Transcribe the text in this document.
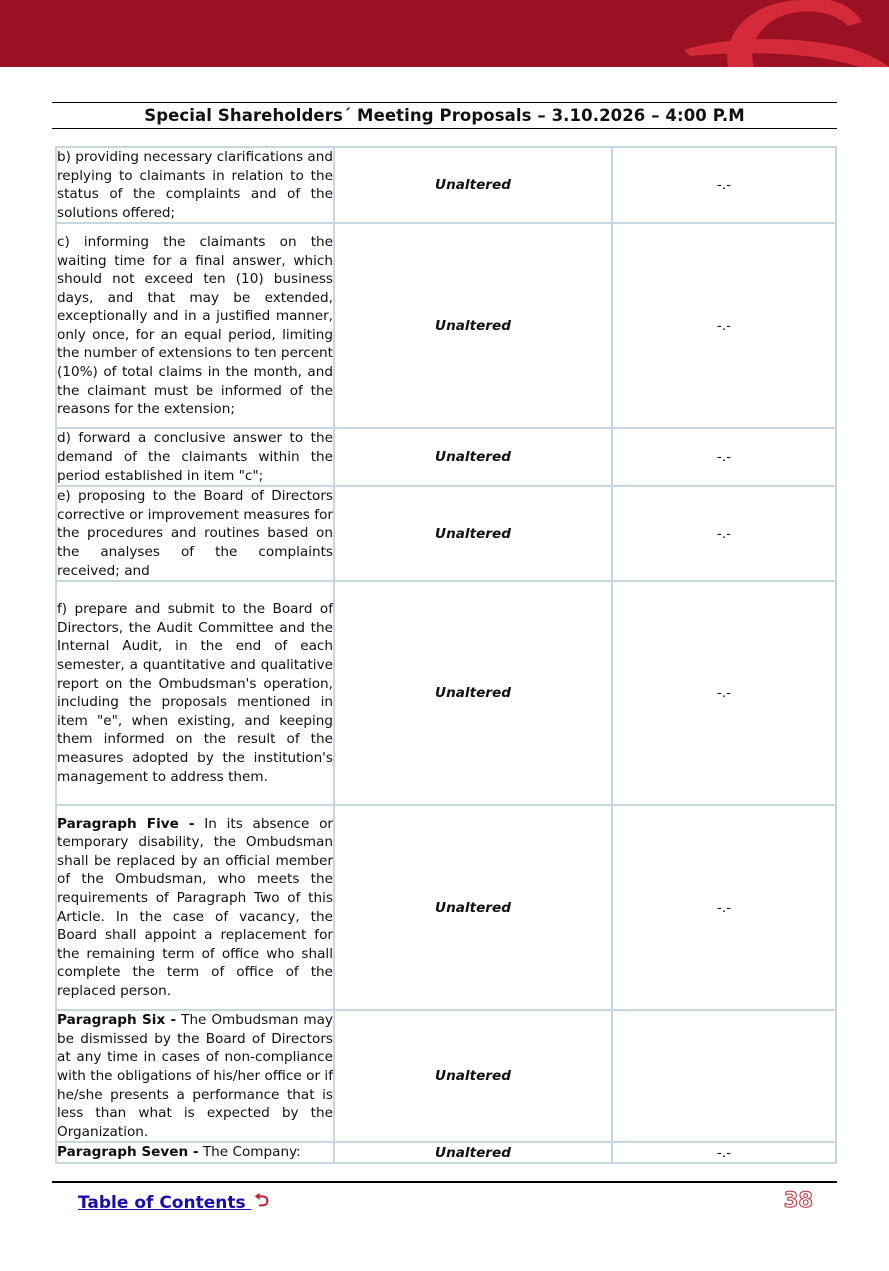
Special Shareholders´ Meeting Proposals – 3.10.2026 – 4:00 P.M
b) providing necessary clarifications and replying to claimants in relation to the status of the complaints and of the solutions offered;	Unaltered	-.-
c) informing the claimants on the waiting time for a final answer, which should not exceed ten (10) business days, and that may be extended, exceptionally and in a justified manner, only once, for an equal period, limiting the number of extensions to ten percent (10%) of total claims in the month, and the claimant must be informed of the reasons for the extension;	Unaltered	-.-
d) forward a conclusive answer to the demand of the claimants within the period established in item "c";	Unaltered	-.-
e) proposing to the Board of Directors corrective or improvement measures for the procedures and routines based on the analyses of the complaints received; and	Unaltered	-.-
f) prepare and submit to the Board of Directors, the Audit Committee and the Internal Audit, in the end of each semester, a quantitative and qualitative report on the Ombudsman's operation, including the proposals mentioned in item "e", when existing, and keeping them informed on the result of the measures adopted by the institution's management to address them.	Unaltered	-.-
Paragraph Five - In its absence or temporary disability, the Ombudsman shall be replaced by an official member of the Ombudsman, who meets the requirements of Paragraph Two of this Article. In the case of vacancy, the Board shall appoint a replacement for the remaining term of office who shall complete the term of office of the replaced person.	Unaltered	-.-
Paragraph Six - The Ombudsman may be dismissed by the Board of Directors at any time in cases of non-compliance with the obligations of his/her office or if he/she presents a performance that is less than what is expected by the Organization.	Unaltered	
Paragraph Seven - The Company:	Unaltered	-.-
Table of Contents ⮌	38
